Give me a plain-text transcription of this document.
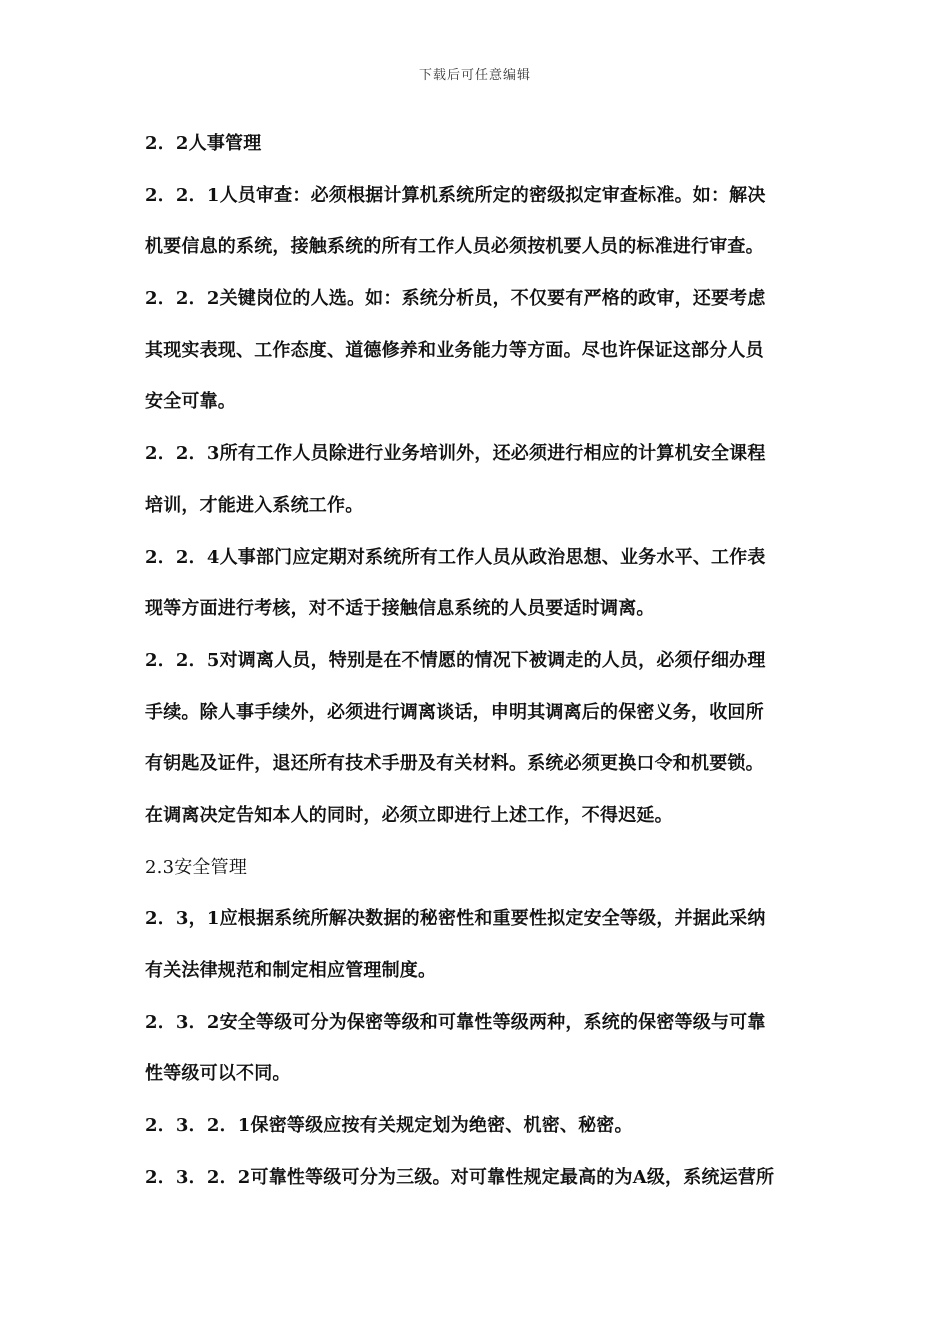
下载后可任意编辑
2．2人事管理
2．2．1人员审查：必须根据计算机系统所定的密级拟定审查标准。如：解决
机要信息的系统，接触系统的所有工作人员必须按机要人员的标准进行审查。
2．2．2关键岗位的人选。如：系统分析员，不仅要有严格的政审，还要考虑
其现实表现、工作态度、道德修养和业务能力等方面。尽也许保证这部分人员
安全可靠。
2．2．3所有工作人员除进行业务培训外，还必须进行相应的计算机安全课程
培训，才能进入系统工作。
2．2．4人事部门应定期对系统所有工作人员从政治思想、业务水平、工作表
现等方面进行考核，对不适于接触信息系统的人员要适时调离。
2．2．5对调离人员，特别是在不情愿的情况下被调走的人员，必须仔细办理
手续。除人事手续外，必须进行调离谈话，申明其调离后的保密义务，收回所
有钥匙及证件，退还所有技术手册及有关材料。系统必须更换口令和机要锁。
在调离决定告知本人的同时，必须立即进行上述工作，不得迟延。
2.3安全管理
2．3，1应根据系统所解决数据的秘密性和重要性拟定安全等级，并据此采纳
有关法律规范和制定相应管理制度。
2．3．2安全等级可分为保密等级和可靠性等级两种，系统的保密等级与可靠
性等级可以不同。
2．3．2．1保密等级应按有关规定划为绝密、机密、秘密。
2．3．2．2可靠性等级可分为三级。对可靠性规定最高的为A级，系统运营所
